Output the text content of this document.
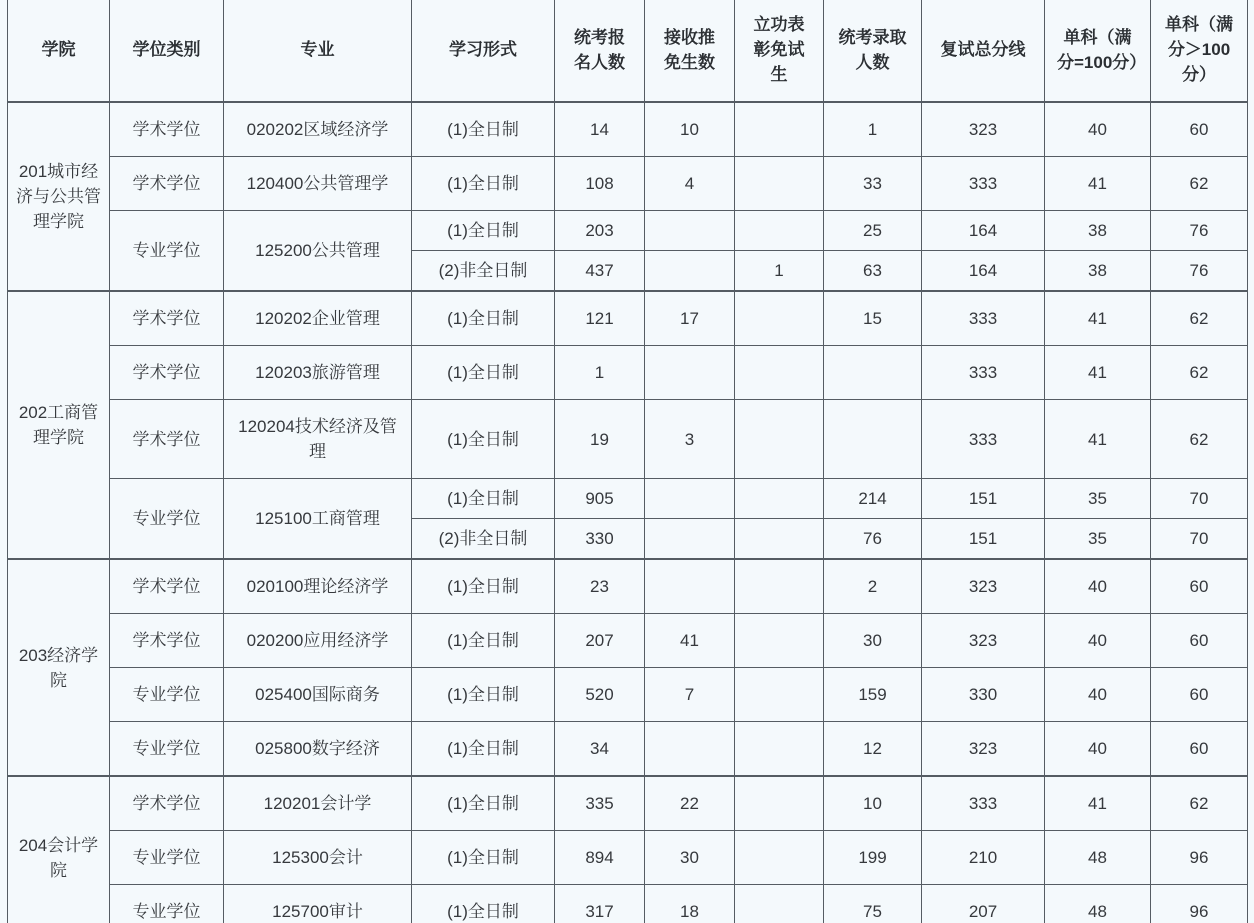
学院	学位类别	专业	学习形式	统考报名人数	接收推免生数	立功表彰免试生	统考录取人数	复试总分线	单科（满分=100分）	单科（满分＞100分）
201城市经济与公共管理学院	学术学位	020202区域经济学	(1)全日制	14	10		1	323	40	60
	学术学位	120400公共管理学	(1)全日制	108	4		33	333	41	62
	专业学位	125200公共管理	(1)全日制	203			25	164	38	76
			(2)非全日制	437		1	63	164	38	76
202工商管理学院	学术学位	120202企业管理	(1)全日制	121	17		15	333	41	62
	学术学位	120203旅游管理	(1)全日制	1				333	41	62
	学术学位	120204技术经济及管理	(1)全日制	19	3			333	41	62
	专业学位	125100工商管理	(1)全日制	905			214	151	35	70
			(2)非全日制	330			76	151	35	70
203经济学院	学术学位	020100理论经济学	(1)全日制	23			2	323	40	60
	学术学位	020200应用经济学	(1)全日制	207	41		30	323	40	60
	专业学位	025400国际商务	(1)全日制	520	7		159	330	40	60
	专业学位	025800数字经济	(1)全日制	34			12	323	40	60
204会计学院	学术学位	120201会计学	(1)全日制	335	22		10	333	41	62
	专业学位	125300会计	(1)全日制	894	30		199	210	48	96
	专业学位	125700审计	(1)全日制	317	18		75	207	48	96
